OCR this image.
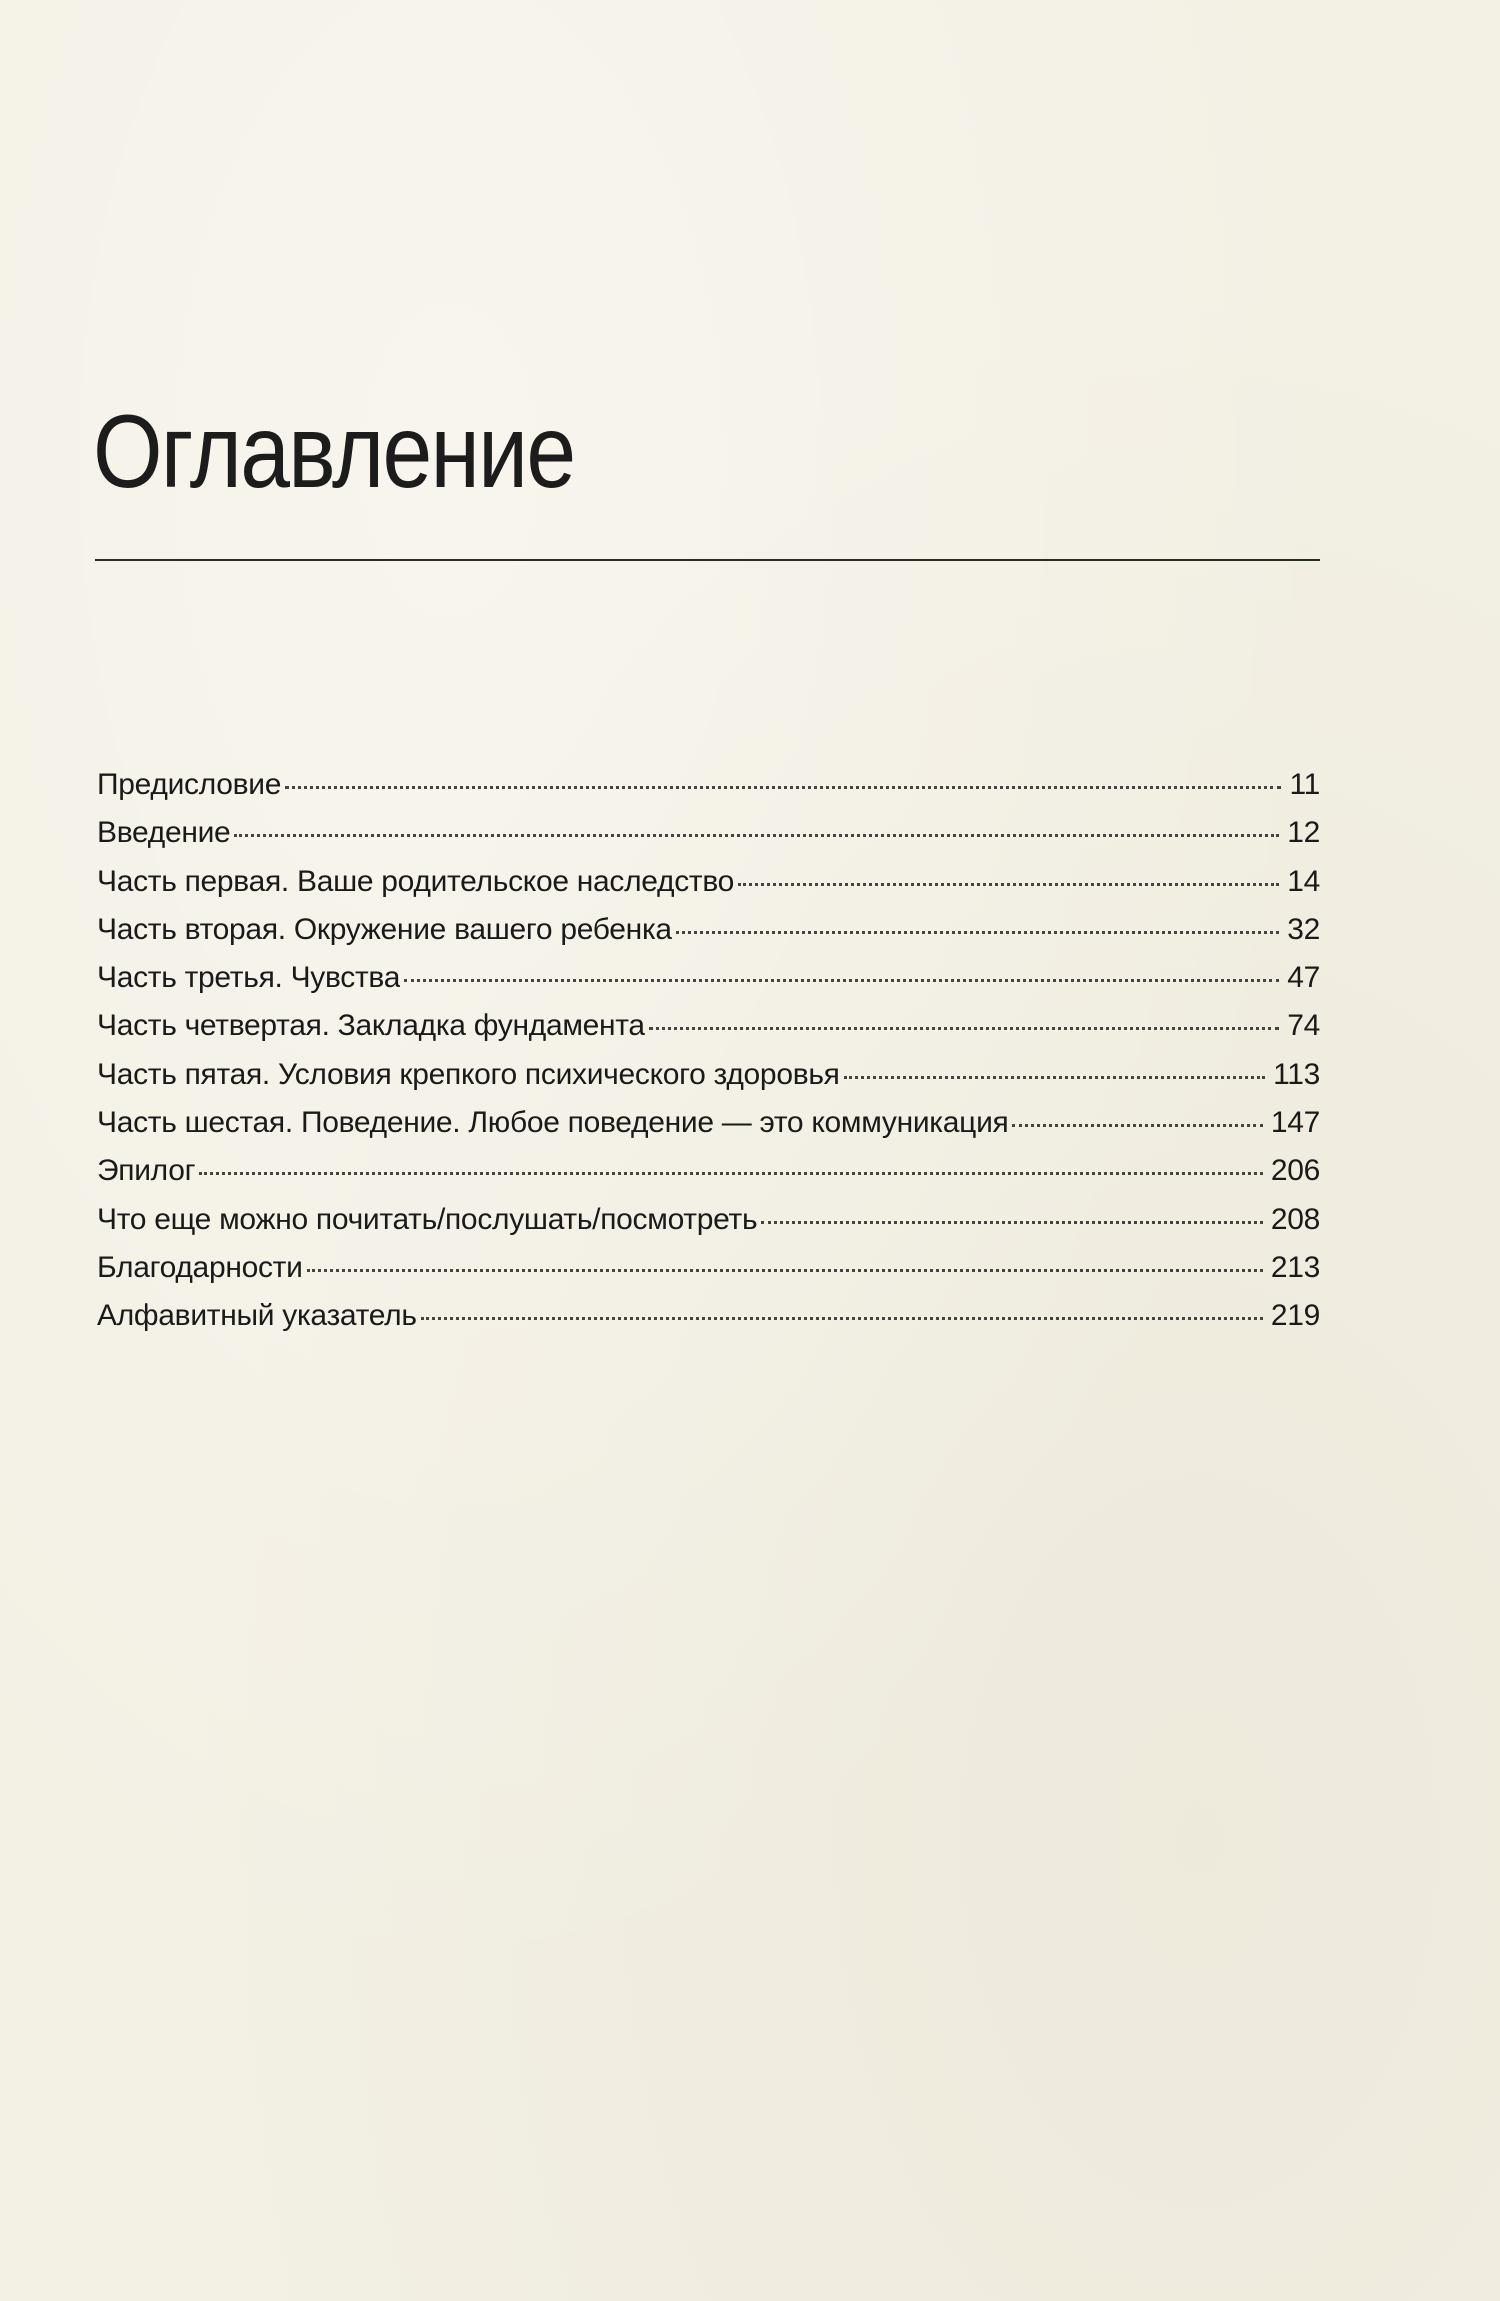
Оглавление
Предисловие	11
Введение	12
Часть первая. Ваше родительское наследство	14
Часть вторая. Окружение вашего ребенка	32
Часть третья. Чувства	47
Часть четвертая. Закладка фундамента	74
Часть пятая. Условия крепкого психического здоровья	113
Часть шестая. Поведение. Любое поведение — это коммуникация	147
Эпилог	206
Что еще можно почитать/послушать/посмотреть	208
Благодарности	213
Алфавитный указатель	219
